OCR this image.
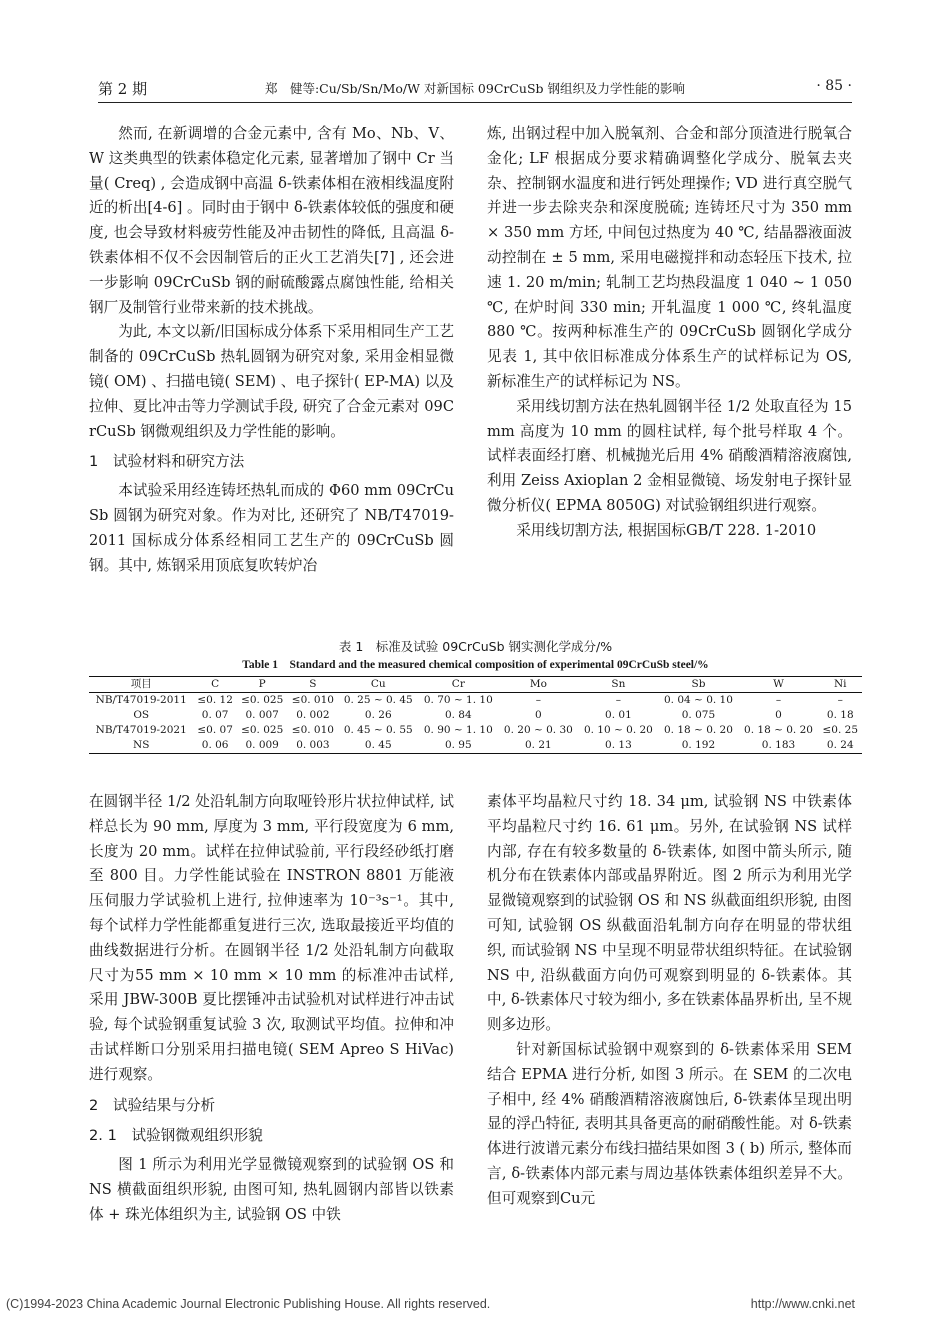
第 2 期	郑　健等:Cu/Sb/Sn/Mo/W 对新国标 09CrCuSb 钢组织及力学性能的影响	· 85 ·

然而, 在新调增的合金元素中, 含有 Mo、Nb、V、W 这类典型的铁素体稳定化元素, 显著增加了钢中 Cr 当量( Creq) , 会造成钢中高温 δ-铁素体相在液相线温度附近的析出[4-6] 。同时由于钢中 δ-铁素体较低的强度和硬度, 也会导致材料疲劳性能及冲击韧性的降低, 且高温 δ-铁素体相不仅不会因制管后的正火工艺消失[7] , 还会进一步影响 09CrCuSb 钢的耐硫酸露点腐蚀性能, 给相关钢厂及制管行业带来新的技术挑战。

为此, 本文以新/旧国标成分体系下采用相同生产工艺制备的 09CrCuSb 热轧圆钢为研究对象, 采用金相显微镜( OM) 、扫描电镜( SEM) 、电子探针( EP-MA) 以及拉伸、夏比冲击等力学测试手段, 研究了合金元素对 09CrCuSb 钢微观组织及力学性能的影响。

1　试验材料和研究方法

本试验采用经连铸坯热轧而成的 Φ60 mm 09CrCuSb 圆钢为研究对象。作为对比, 还研究了 NB/T47019-2011 国标成分体系经相同工艺生产的 09CrCuSb 圆钢。其中, 炼钢采用顶底复吹转炉冶

炼, 出钢过程中加入脱氧剂、合金和部分顶渣进行脱氧合金化; LF 根据成分要求精确调整化学成分、脱氧去夹杂、控制钢水温度和进行钙处理操作; VD 进行真空脱气并进一步去除夹杂和深度脱硫; 连铸坯尺寸为 350 mm × 350 mm 方坯, 中间包过热度为 40 ℃, 结晶器液面波动控制在 ± 5 mm, 采用电磁搅拌和动态轻压下技术, 拉速 1. 20 m/min; 轧制工艺均热段温度 1 040 ~ 1 050 ℃, 在炉时间 330 min; 开轧温度 1 000 ℃, 终轧温度 880 ℃。按两种标准生产的 09CrCuSb 圆钢化学成分见表 1, 其中依旧标准成分体系生产的试样标记为 OS, 新标准生产的试样标记为 NS。

采用线切割方法在热轧圆钢半径 1/2 处取直径为 15 mm 高度为 10 mm 的圆柱试样, 每个批号样取 4 个。试样表面经打磨、机械抛光后用 4% 硝酸酒精溶液腐蚀, 利用 Zeiss Axioplan 2 金相显微镜、场发射电子探针显微分析仪( EPMA 8050G) 对试验钢组织进行观察。

采用线切割方法, 根据国标GB/T 228. 1-2010

表 1　标准及试验 09CrCuSb 钢实测化学成分/%
Table 1　Standard and the measured chemical composition of experimental 09CrCuSb steel/%
项目	C	P	S	Cu	Cr	Mo	Sn	Sb	W	Ni
NB/T47019-2011	≤0. 12	≤0. 025	≤0. 010	0. 25 ~ 0. 45	0. 70 ~ 1. 10	–	–	0. 04 ~ 0. 10	–	–
OS	0. 07	0. 007	0. 002	0. 26	0. 84	0	0. 01	0. 075	0	0. 18
NB/T47019-2021	≤0. 07	≤0. 025	≤0. 010	0. 45 ~ 0. 55	0. 90 ~ 1. 10	0. 20 ~ 0. 30	0. 10 ~ 0. 20	0. 18 ~ 0. 20	0. 18 ~ 0. 20	≤0. 25
NS	0. 06	0. 009	0. 003	0. 45	0. 95	0. 21	0. 13	0. 192	0. 183	0. 24

在圆钢半径 1/2 处沿轧制方向取哑铃形片状拉伸试样, 试样总长为 90 mm, 厚度为 3 mm, 平行段宽度为 6 mm, 长度为 20 mm。试样在拉伸试验前, 平行段经砂纸打磨至 800 目。力学性能试验在 INSTRON 8801 万能液压伺服力学试验机上进行, 拉伸速率为 10⁻³s⁻¹。其中, 每个试样力学性能都重复进行三次, 选取最接近平均值的曲线数据进行分析。在圆钢半径 1/2 处沿轧制方向截取尺寸为55 mm × 10 mm × 10 mm 的标准冲击试样, 采用 JBW-300B 夏比摆锤冲击试验机对试样进行冲击试验, 每个试验钢重复试验 3 次, 取测试平均值。拉伸和冲击试样断口分别采用扫描电镜( SEM Apreo S HiVac) 进行观察。

2　试验结果与分析
2. 1　试验钢微观组织形貌

图 1 所示为利用光学显微镜观察到的试验钢 OS 和 NS 横截面组织形貌, 由图可知, 热轧圆钢内部皆以铁素体 + 珠光体组织为主, 试验钢 OS 中铁

素体平均晶粒尺寸约 18. 34 μm, 试验钢 NS 中铁素体平均晶粒尺寸约 16. 61 μm。另外, 在试验钢 NS 试样内部, 存在有较多数量的 δ-铁素体, 如图中箭头所示, 随机分布在铁素体内部或晶界附近。图 2 所示为利用光学显微镜观察到的试验钢 OS 和 NS 纵截面组织形貌, 由图可知, 试验钢 OS 纵截面沿轧制方向存在明显的带状组织, 而试验钢 NS 中呈现不明显带状组织特征。在试验钢 NS 中, 沿纵截面方向仍可观察到明显的 δ-铁素体。其中, δ-铁素体尺寸较为细小, 多在铁素体晶界析出, 呈不规则多边形。

针对新国标试验钢中观察到的 δ-铁素体采用 SEM 结合 EPMA 进行分析, 如图 3 所示。在 SEM 的二次电子相中, 经 4% 硝酸酒精溶液腐蚀后, δ-铁素体呈现出明显的浮凸特征, 表明其具备更高的耐硝酸性能。对 δ-铁素体进行波谱元素分布线扫描结果如图 3 ( b) 所示, 整体而言, δ-铁素体内部元素与周边基体铁素体组织差异不大。但可观察到Cu元

(C)1994-2023 China Academic Journal Electronic Publishing House. All rights reserved.	http://www.cnki.net
